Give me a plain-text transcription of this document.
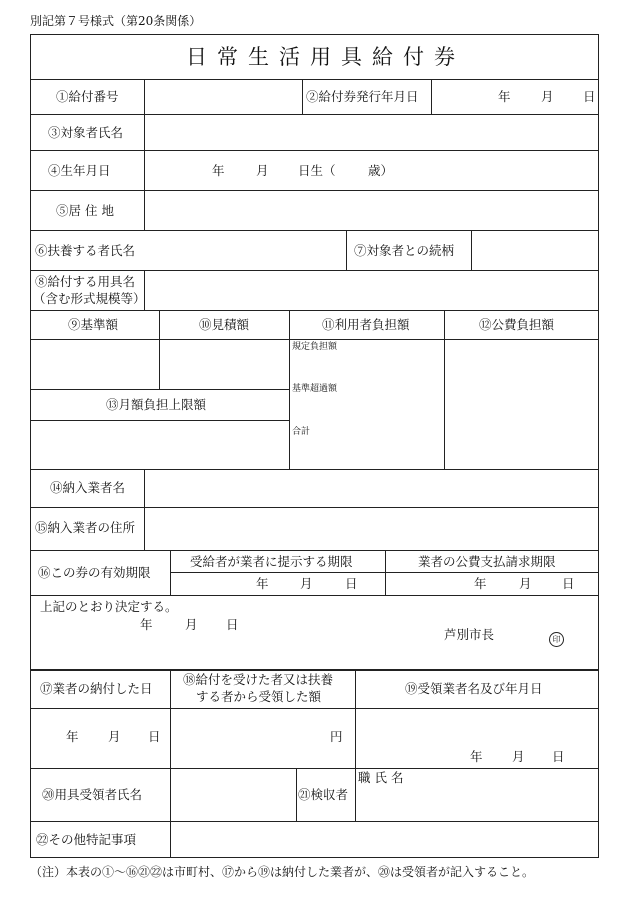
別記第７号様式（第20条関係）
日常生活用具給付券
①給付番号	②給付券発行年月日	年 月 日
③対象者氏名
④生年月日	年	月 日生（	歳）
⑤居 住 地
⑥扶養する者氏名	⑦対象者との続柄
⑧給付する用具名
（含む形式規模等）
⑨基準額	⑩見積額	⑪利用者負担額	⑫公費負担額
規定負担額
基準超過額
合計
⑬月額負担上限額
⑭納入業者名
⑮納入業者の住所
⑯この券の有効期限
受給者が業者に提示する期限	業者の公費支払請求期限
年	月	日	年	月 日
上記のとおり決定する。
年	月 日
芦別市長	印
⑰業者の納付した日
⑱給付を受けた者又は扶養
する者から受領した額
⑲受領業者名及び年月日
年 月 日	円
年 月 日
⑳用具受領者氏名	㉑検収者
職 氏 名
㉒その他特記事項
（注）本表の①～⑯㉑㉒は市町村、⑰から⑲は納付した業者が、⑳は受領者が記入すること。
